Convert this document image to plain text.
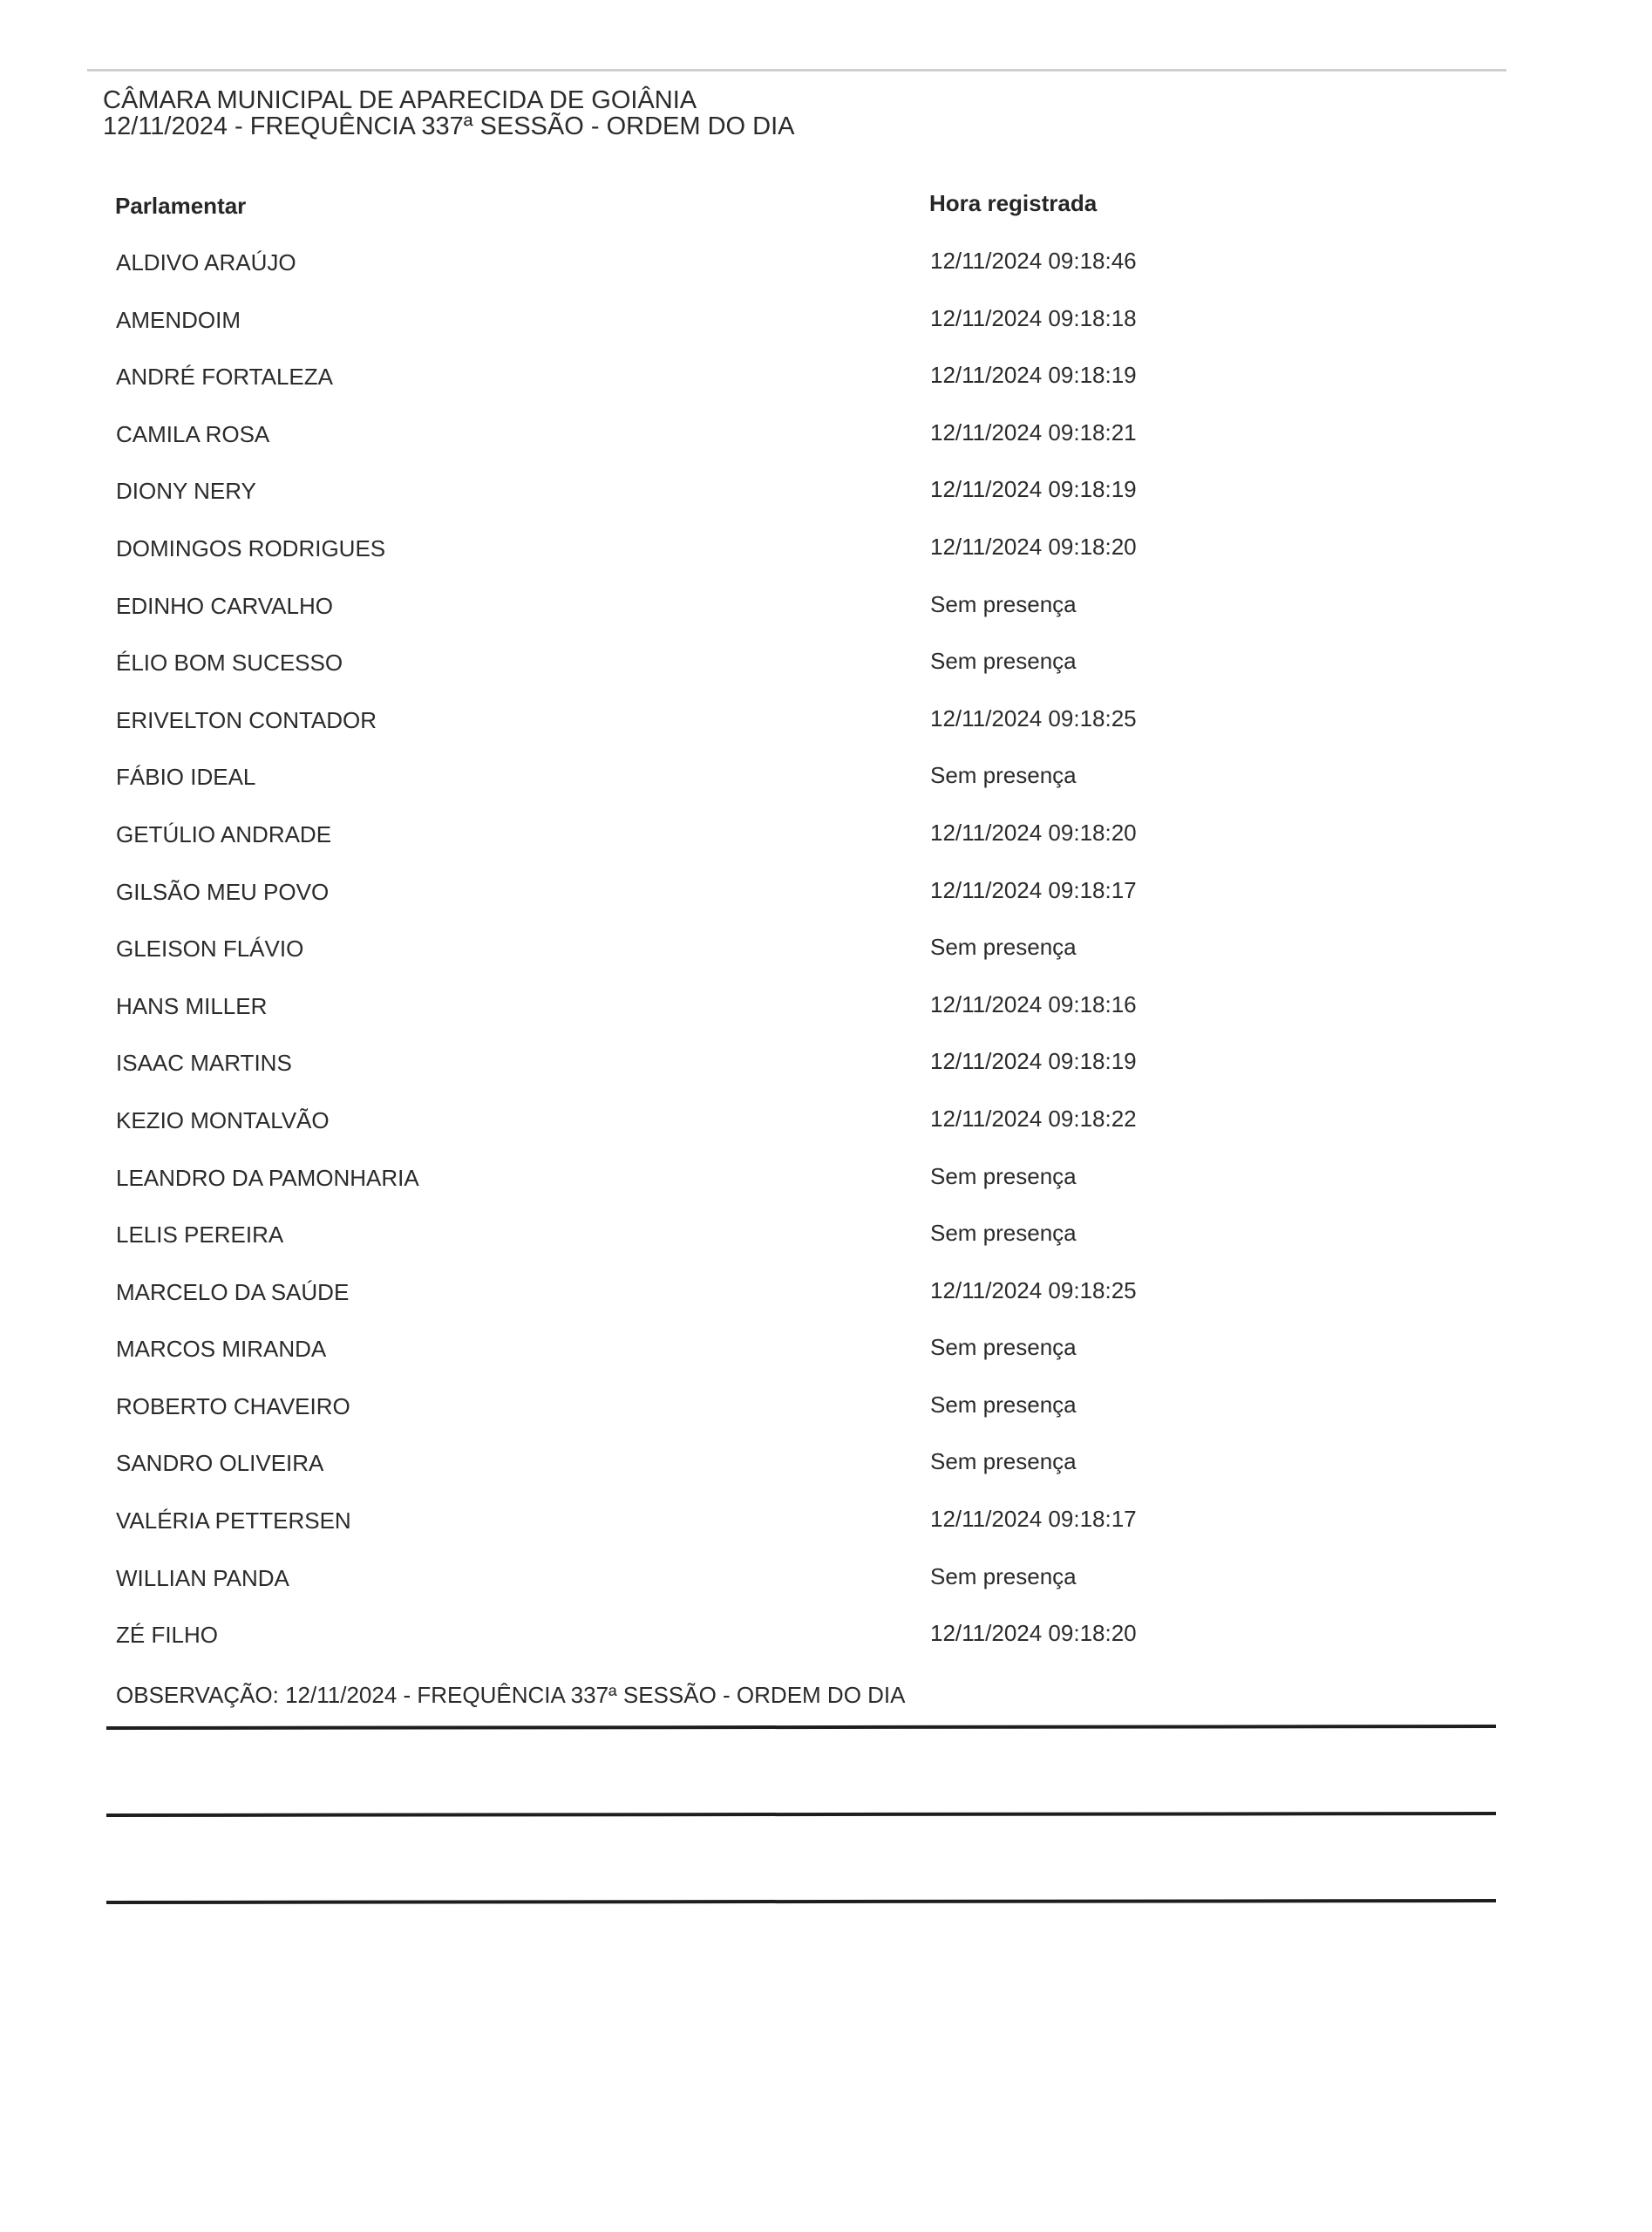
CÂMARA MUNICIPAL DE APARECIDA DE GOIÂNIA
12/11/2024 - FREQUÊNCIA 337ª SESSÃO - ORDEM DO DIA
Parlamentar	Hora registrada
ALDIVO ARAÚJO	12/11/2024 09:18:46
AMENDOIM	12/11/2024 09:18:18
ANDRÉ FORTALEZA	12/11/2024 09:18:19
CAMILA ROSA	12/11/2024 09:18:21
DIONY NERY	12/11/2024 09:18:19
DOMINGOS RODRIGUES	12/11/2024 09:18:20
EDINHO CARVALHO	Sem presença
ÉLIO BOM SUCESSO	Sem presença
ERIVELTON CONTADOR	12/11/2024 09:18:25
FÁBIO IDEAL	Sem presença
GETÚLIO ANDRADE	12/11/2024 09:18:20
GILSÃO MEU POVO	12/11/2024 09:18:17
GLEISON FLÁVIO	Sem presença
HANS MILLER	12/11/2024 09:18:16
ISAAC MARTINS	12/11/2024 09:18:19
KEZIO MONTALVÃO	12/11/2024 09:18:22
LEANDRO DA PAMONHARIA	Sem presença
LELIS PEREIRA	Sem presença
MARCELO DA SAÚDE	12/11/2024 09:18:25
MARCOS MIRANDA	Sem presença
ROBERTO CHAVEIRO	Sem presença
SANDRO OLIVEIRA	Sem presença
VALÉRIA PETTERSEN	12/11/2024 09:18:17
WILLIAN PANDA	Sem presença
ZÉ FILHO	12/11/2024 09:18:20
OBSERVAÇÃO: 12/11/2024 - FREQUÊNCIA 337ª SESSÃO - ORDEM DO DIA
